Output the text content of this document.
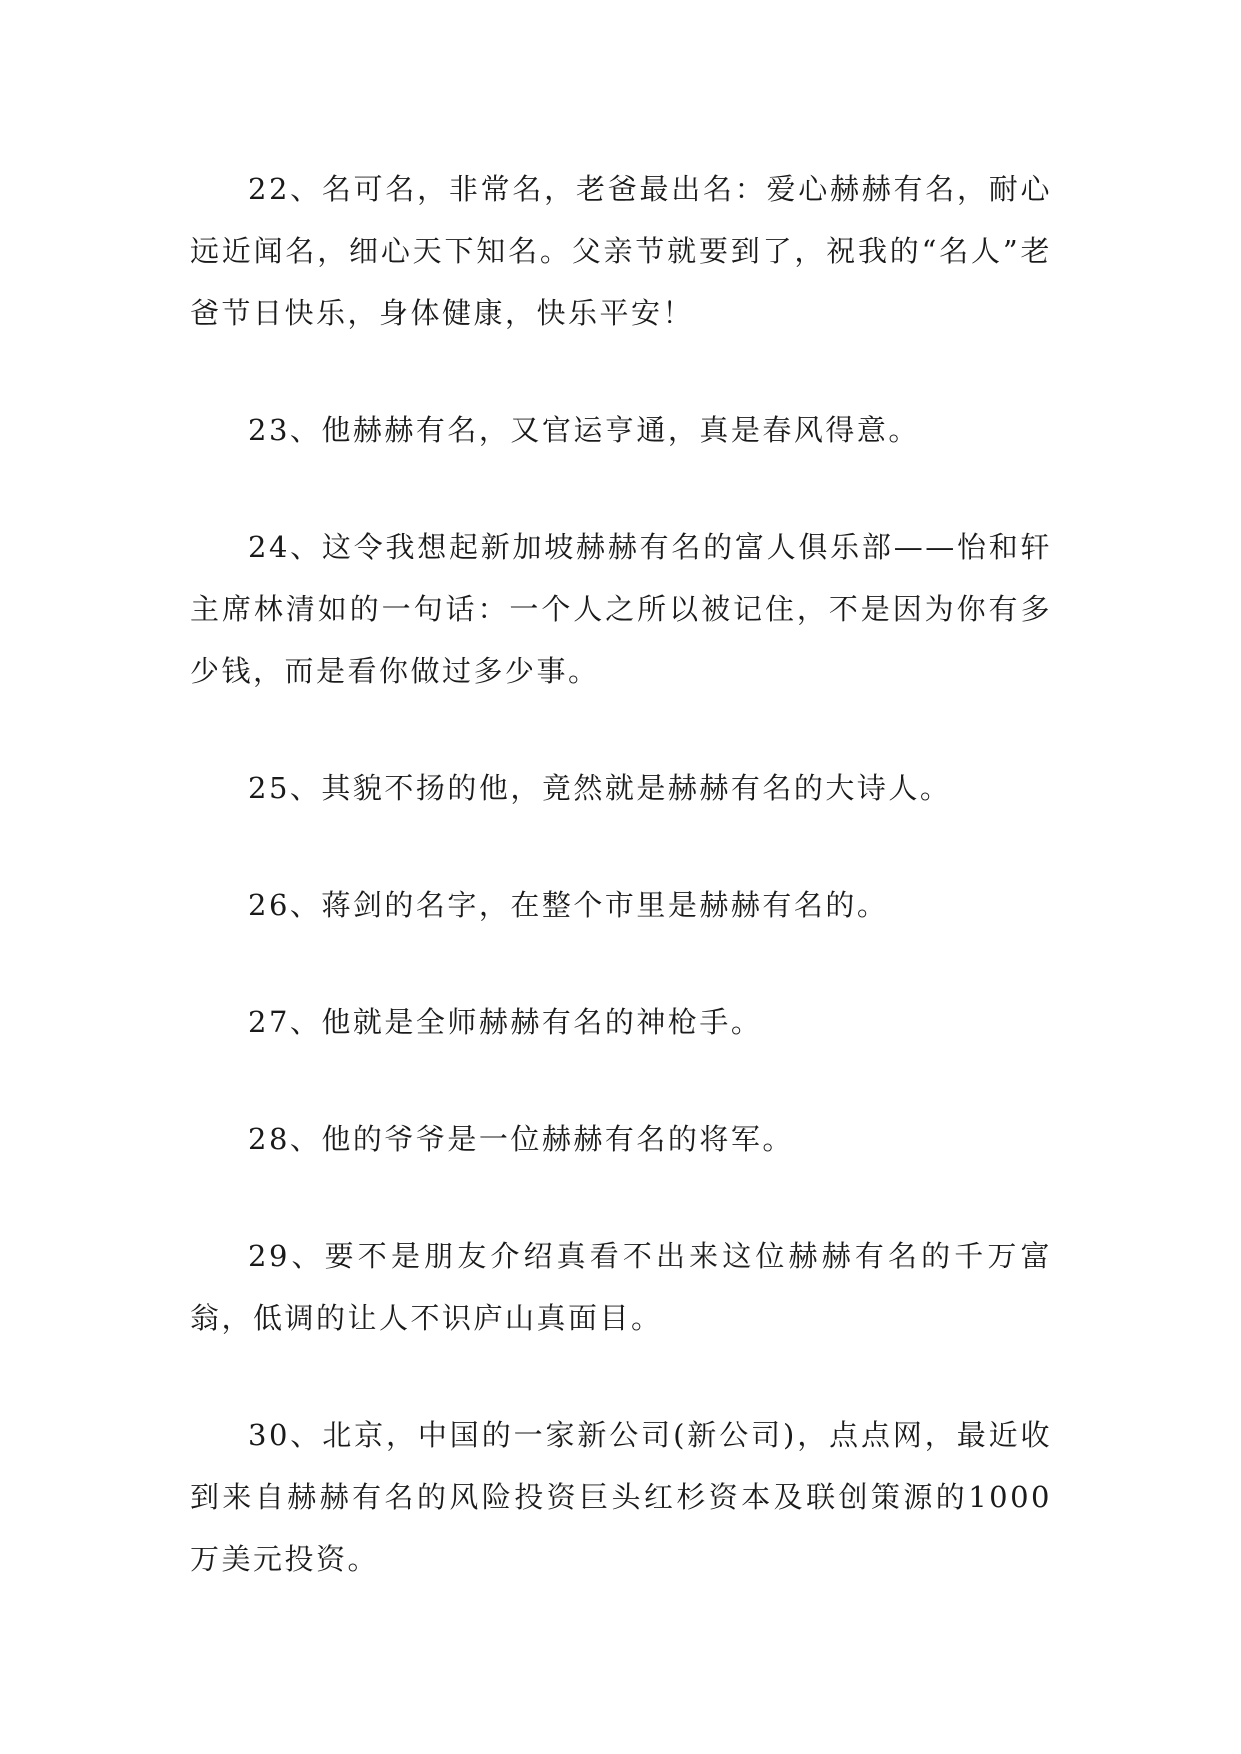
22、名可名，非常名，老爸最出名：爱心赫赫有名，耐心远近闻名，细心天下知名。父亲节就要到了，祝我的“名人”老爸节日快乐，身体健康，快乐平安！

23、他赫赫有名，又官运亨通，真是春风得意。

24、这令我想起新加坡赫赫有名的富人俱乐部——怡和轩主席林清如的一句话：一个人之所以被记住，不是因为你有多少钱，而是看你做过多少事。

25、其貌不扬的他，竟然就是赫赫有名的大诗人。

26、蒋剑的名字，在整个市里是赫赫有名的。

27、他就是全师赫赫有名的神枪手。

28、他的爷爷是一位赫赫有名的将军。

29、要不是朋友介绍真看不出来这位赫赫有名的千万富翁，低调的让人不识庐山真面目。

30、北京，中国的一家新公司(新公司)，点点网，最近收到来自赫赫有名的风险投资巨头红杉资本及联创策源的1000万美元投资。
